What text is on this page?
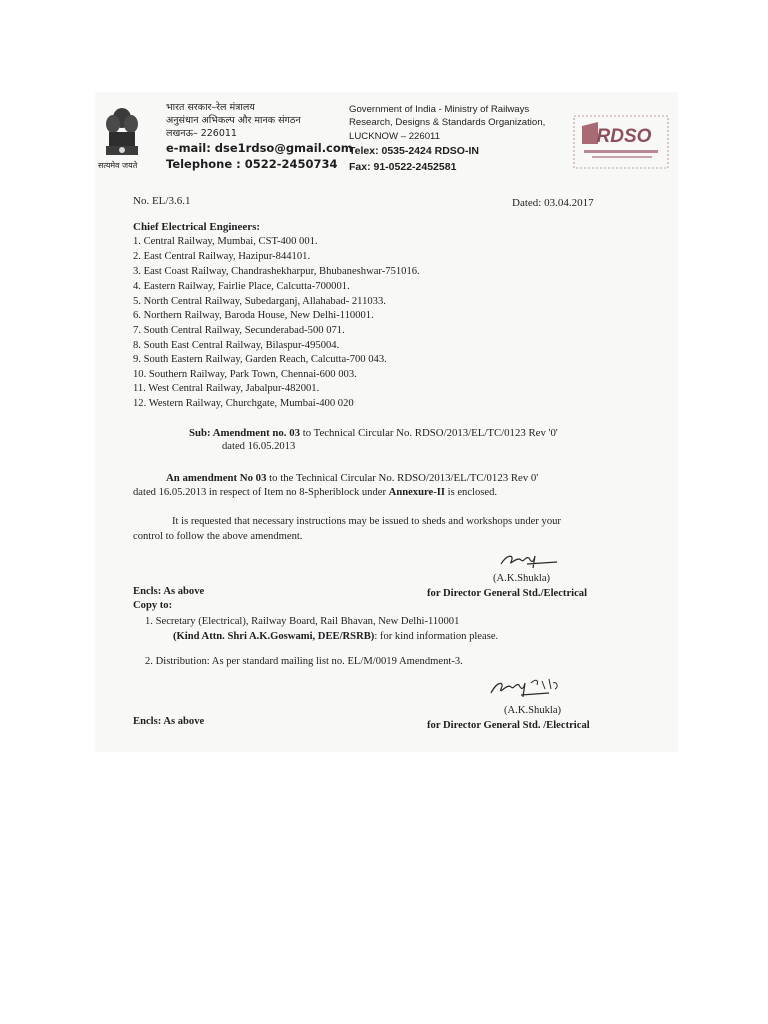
सत्यमेव जयते
भारत सरकार–रेल मंत्रालय
अनुसंधान अभिकल्प और मानक संगठन
लखनऊ– 226011
e-mail: dse1rdso@gmail.com
Telephone : 0522-2450734
Government of India - Ministry of Railways
Research, Designs & Standards Organization,
LUCKNOW – 226011
Telex: 0535-2424 RDSO-IN
Fax: 91-0522-2452581
RDSO
No. EL/3.6.1	Dated: 03.04.2017
Chief Electrical Engineers:
1. Central Railway, Mumbai, CST-400 001.
2. East Central Railway, Hazipur-844101.
3. East Coast Railway, Chandrashekharpur, Bhubaneshwar-751016.
4. Eastern Railway, Fairlie Place, Calcutta-700001.
5. North Central Railway, Subedarganj, Allahabad- 211033.
6. Northern Railway, Baroda House, New Delhi-110001.
7. South Central Railway, Secunderabad-500 071.
8. South East Central Railway, Bilaspur-495004.
9. South Eastern Railway, Garden Reach, Calcutta-700 043.
10. Southern Railway, Park Town, Chennai-600 003.
11. West Central Railway, Jabalpur-482001.
12. Western Railway, Churchgate, Mumbai-400 020
Sub: Amendment no. 03 to Technical Circular No. RDSO/2013/EL/TC/0123 Rev '0'
dated 16.05.2013
An amendment No 03 to the Technical Circular No. RDSO/2013/EL/TC/0123 Rev 0'
dated 16.05.2013 in respect of Item no 8-Spheriblock under Annexure-II is enclosed.
It is requested that necessary instructions may be issued to sheds and workshops under your
control to follow the above amendment.
(A.K.Shukla)
for Director General Std./Electrical
Encls: As above
Copy to:
1. Secretary (Electrical), Railway Board, Rail Bhavan, New Delhi-110001
(Kind Attn. Shri A.K.Goswami, DEE/RSRB): for kind information please.
2. Distribution: As per standard mailing list no. EL/M/0019 Amendment-3.
(A.K.Shukla)
for Director General Std. /Electrical
Encls: As above
